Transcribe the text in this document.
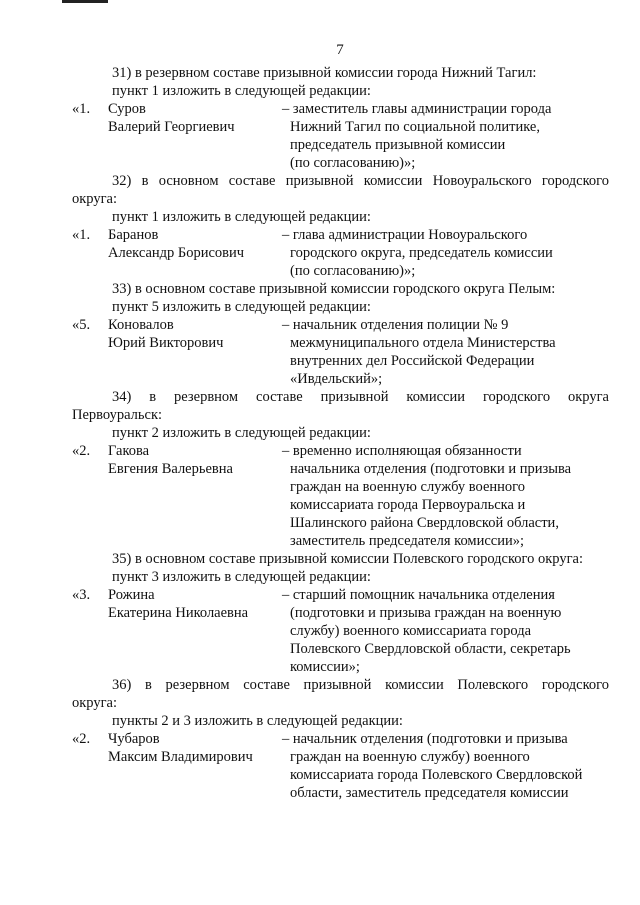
7
31) в резервном составе призывной комиссии города Нижний Тагил:
пункт 1 изложить в следующей редакции:
«1. Суров
Валерий Георгиевич
– заместитель главы администрации города
Нижний Тагил по социальной политике,
председатель призывной комиссии
(по согласованию)»;
32) в основном составе призывной комиссии Новоуральского городского
округа:
пункт 1 изложить в следующей редакции:
«1. Баранов
Александр Борисович
– глава администрации Новоуральского
городского округа, председатель комиссии
(по согласованию)»;
33) в основном составе призывной комиссии городского округа Пелым:
пункт 5 изложить в следующей редакции:
«5. Коновалов
Юрий Викторович
– начальник отделения полиции № 9
межмуниципального отдела Министерства
внутренних дел Российской Федерации
«Ивдельский»;
34) в резервном составе призывной комиссии городского округа
Первоуральск:
пункт 2 изложить в следующей редакции:
«2. Гакова
Евгения Валерьевна
– временно исполняющая обязанности
начальника отделения (подготовки и призыва
граждан на военную службу военного
комиссариата города Первоуральска и
Шалинского района Свердловской области,
заместитель председателя комиссии»;
35) в основном составе призывной комиссии Полевского городского округа:
пункт 3 изложить в следующей редакции:
«3. Рожина
Екатерина Николаевна
– старший помощник начальника отделения
(подготовки и призыва граждан на военную
службу) военного комиссариата города
Полевского Свердловской области, секретарь
комиссии»;
36) в резервном составе призывной комиссии Полевского городского
округа:
пункты 2 и 3 изложить в следующей редакции:
«2. Чубаров
Максим Владимирович
– начальник отделения (подготовки и призыва
граждан на военную службу) военного
комиссариата города Полевского Свердловской
области, заместитель председателя комиссии
